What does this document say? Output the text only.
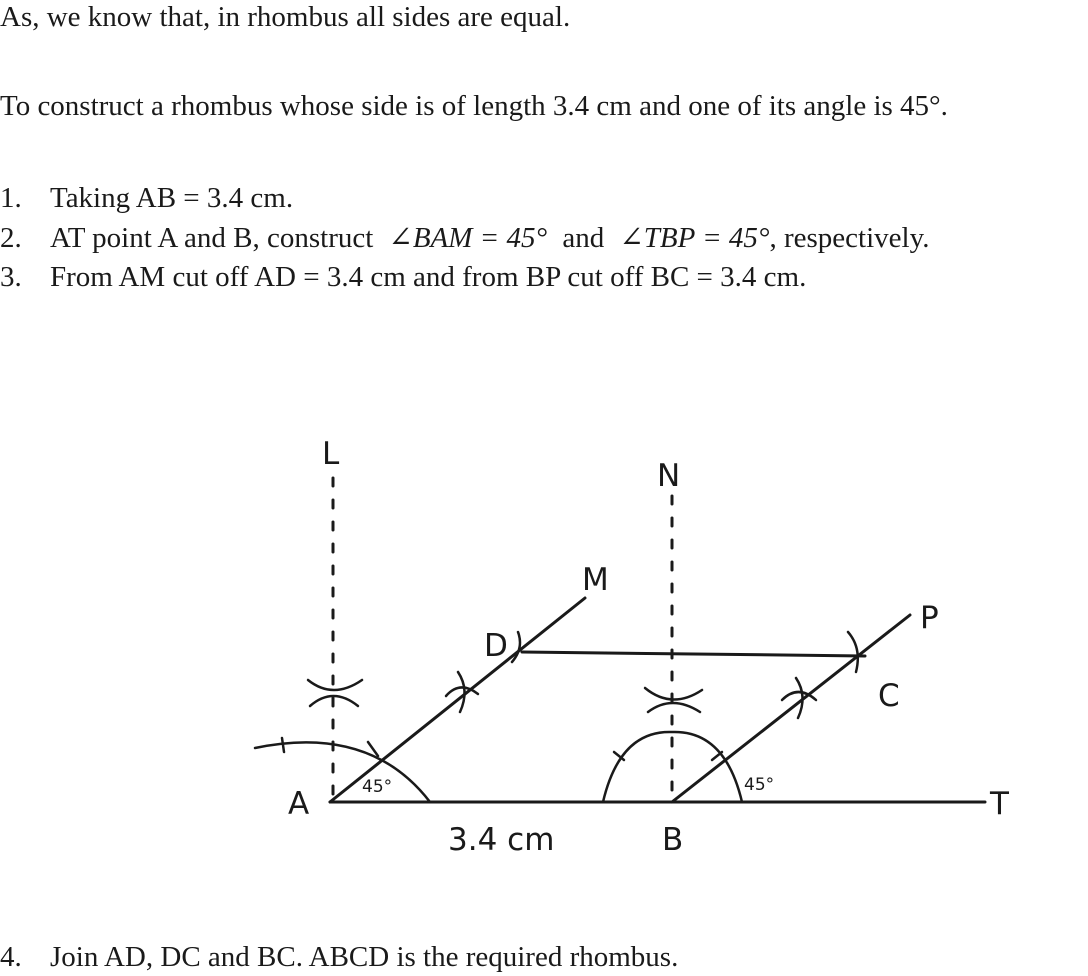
As, we know that, in rhombus all sides are equal.

To construct a rhombus whose side is of length 3.4 cm and one of its angle is 45°.

1. Taking AB = 3.4 cm.
2. AT point A and B, construct ∠BAM = 45° and ∠TBP = 45°, respectively.
3. From AM cut off AD = 3.4 cm and from BP cut off BC = 3.4 cm.
L
N
M
P
D
C
A	T
B
3.4 cm
45°	45°
4. Join AD, DC and BC. ABCD is the required rhombus.
